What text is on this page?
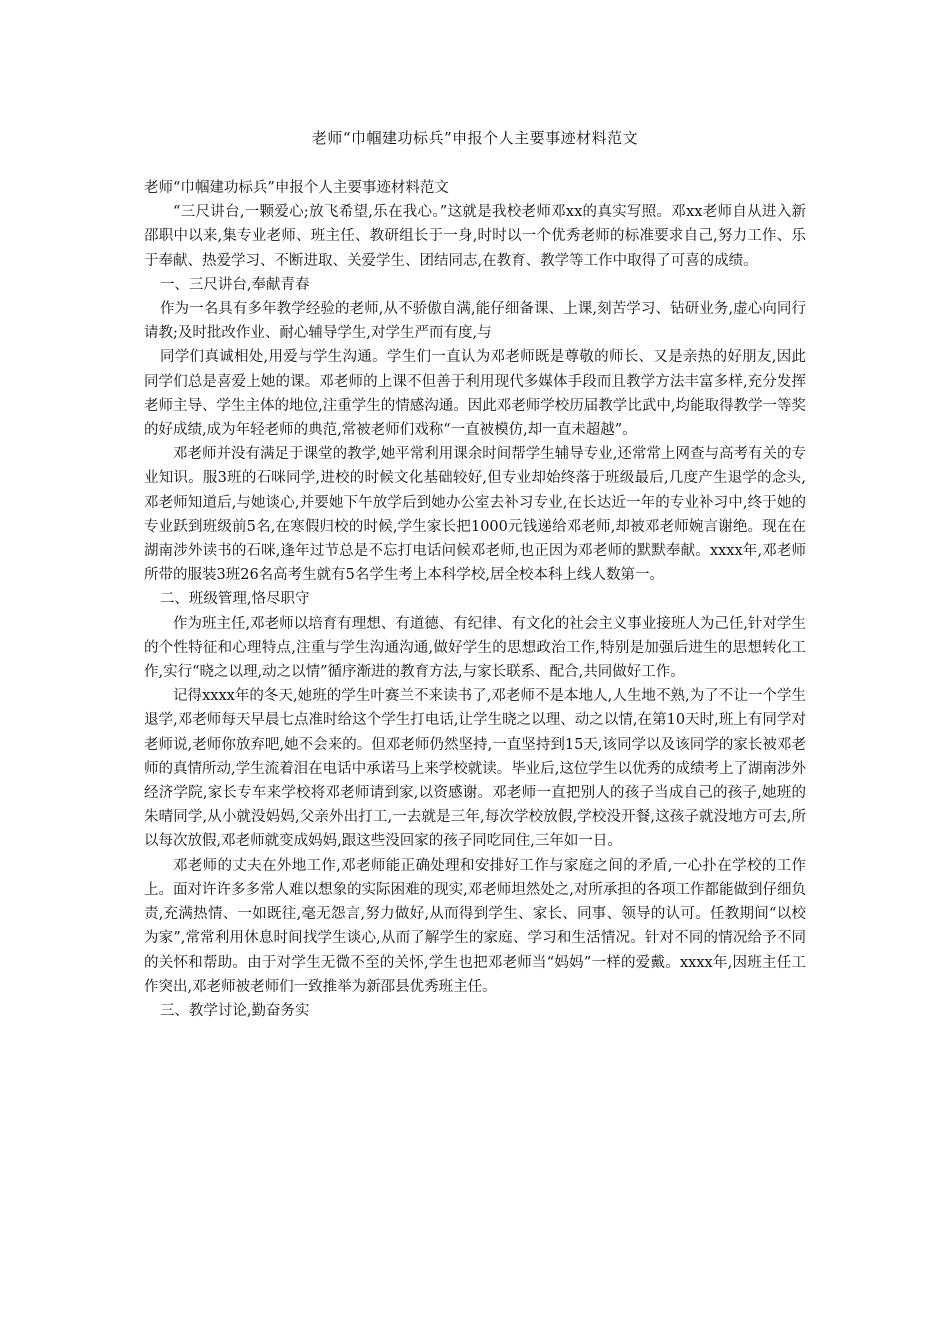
老师“巾帼建功标兵”申报个人主要事迹材料范文

老师“巾帼建功标兵”申报个人主要事迹材料范文

“三尺讲台,一颗爱心;放飞希望,乐在我心。”这就是我校老师邓xx的真实写照。邓xx老师自从进入新邵职中以来,集专业老师、班主任、教研组长于一身,时时以一个优秀老师的标准要求自己,努力工作、乐于奉献、热爱学习、不断进取、关爱学生、团结同志,在教育、教学等工作中取得了可喜的成绩。

一、三尺讲台,奉献青春

作为一名具有多年教学经验的老师,从不骄傲自满,能仔细备课、上课,刻苦学习、钻研业务,虚心向同行请教;及时批改作业、耐心辅导学生,对学生严而有度,与

同学们真诚相处,用爱与学生沟通。学生们一直认为邓老师既是尊敬的师长、又是亲热的好朋友,因此同学们总是喜爱上她的课。邓老师的上课不但善于利用现代多媒体手段而且教学方法丰富多样,充分发挥老师主导、学生主体的地位,注重学生的情感沟通。因此邓老师学校历届教学比武中,均能取得教学一等奖的好成绩,成为年轻老师的典范,常被老师们戏称“一直被模仿,却一直未超越”。

邓老师并没有满足于课堂的教学,她平常利用课余时间帮学生辅导专业,还常常上网查与高考有关的专业知识。服3班的石咪同学,进校的时候文化基础较好,但专业却始终落于班级最后,几度产生退学的念头,邓老师知道后,与她谈心,并要她下午放学后到她办公室去补习专业,在长达近一年的专业补习中,终于她的专业跃到班级前5名,在寒假归校的时候,学生家长把1000元钱递给邓老师,却被邓老师婉言谢绝。现在在湖南涉外读书的石咪,逢年过节总是不忘打电话问候邓老师,也正因为邓老师的默默奉献。xxxx年,邓老师所带的服装3班26名高考生就有5名学生考上本科学校,居全校本科上线人数第一。

二、班级管理,恪尽职守

作为班主任,邓老师以培育有理想、有道德、有纪律、有文化的社会主义事业接班人为己任,针对学生的个性特征和心理特点,注重与学生沟通沟通,做好学生的思想政治工作,特别是加强后进生的思想转化工作,实行“晓之以理,动之以情”循序渐进的教育方法,与家长联系、配合,共同做好工作。

记得xxxx年的冬天,她班的学生叶赛兰不来读书了,邓老师不是本地人,人生地不熟,为了不让一个学生退学,邓老师每天早晨七点准时给这个学生打电话,让学生晓之以理、动之以情,在第10天时,班上有同学对老师说,老师你放弃吧,她不会来的。但邓老师仍然坚持,一直坚持到15天,该同学以及该同学的家长被邓老师的真情所动,学生流着泪在电话中承诺马上来学校就读。毕业后,这位学生以优秀的成绩考上了湖南涉外经济学院,家长专车来学校将邓老师请到家,以资感谢。邓老师一直把别人的孩子当成自己的孩子,她班的朱晴同学,从小就没妈妈,父亲外出打工,一去就是三年,每次学校放假,学校没开餐,这孩子就没地方可去,所以每次放假,邓老师就变成妈妈,跟这些没回家的孩子同吃同住,三年如一日。

邓老师的丈夫在外地工作,邓老师能正确处理和安排好工作与家庭之间的矛盾,一心扑在学校的工作上。面对许许多多常人难以想象的实际困难的现实,邓老师坦然处之,对所承担的各项工作都能做到仔细负责,充满热情、一如既往,毫无怨言,努力做好,从而得到学生、家长、同事、领导的认可。任教期间“以校为家”,常常利用休息时间找学生谈心,从而了解学生的家庭、学习和生活情况。针对不同的情况给予不同的关怀和帮助。由于对学生无微不至的关怀,学生也把邓老师当“妈妈”一样的爱戴。xxxx年,因班主任工作突出,邓老师被老师们一致推举为新邵县优秀班主任。

三、教学讨论,勤奋务实
